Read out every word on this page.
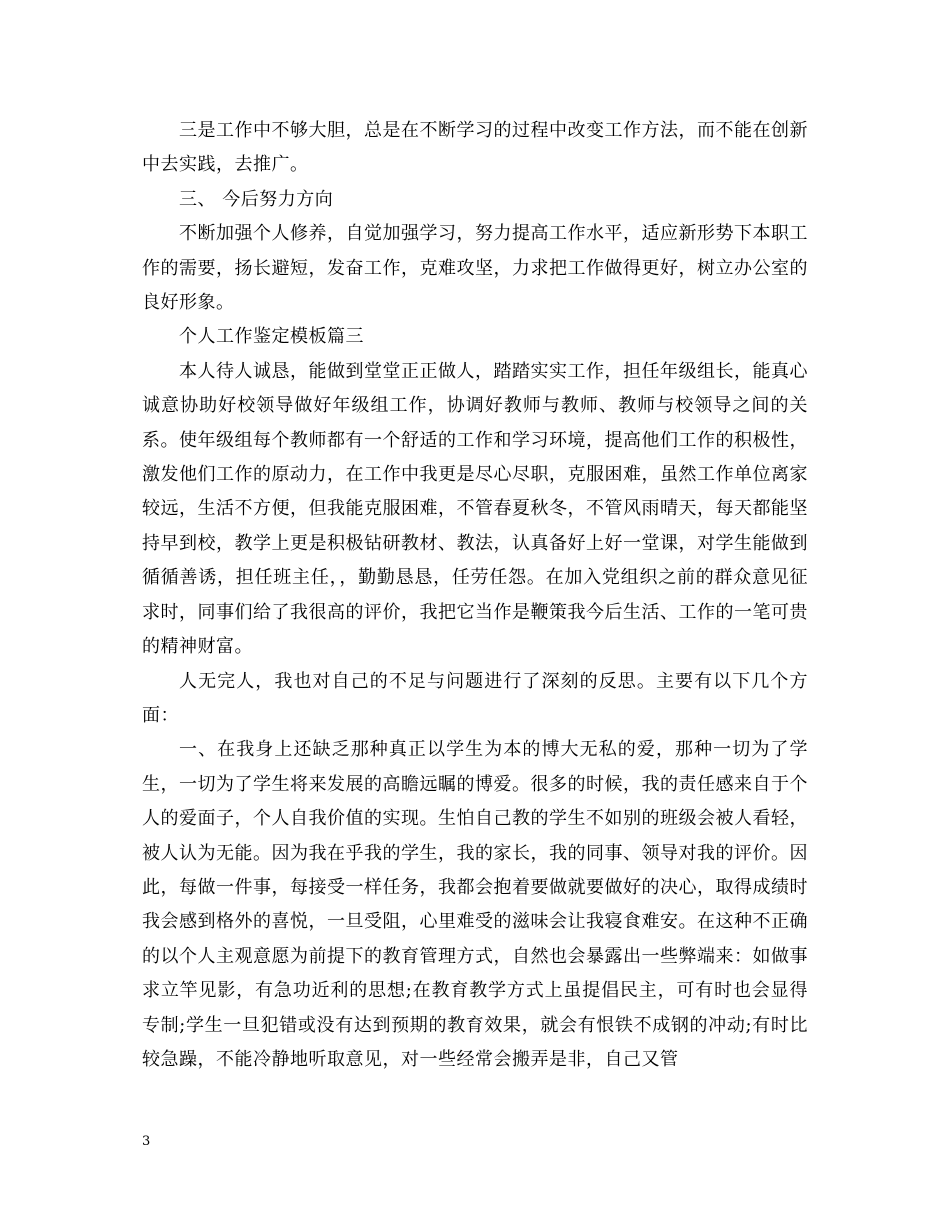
三是工作中不够大胆，总是在不断学习的过程中改变工作方法，而不能在创新中去实践，去推广。

三、 今后努力方向

不断加强个人修养，自觉加强学习，努力提高工作水平，适应新形势下本职工作的需要，扬长避短，发奋工作，克难攻坚，力求把工作做得更好，树立办公室的良好形象。

个人工作鉴定模板篇三

本人待人诚恳，能做到堂堂正正做人，踏踏实实工作，担任年级组长，能真心诚意协助好校领导做好年级组工作，协调好教师与教师、教师与校领导之间的关系。使年级组每个教师都有一个舒适的工作和学习环境，提高他们工作的积极性，激发他们工作的原动力，在工作中我更是尽心尽职，克服困难，虽然工作单位离家较远，生活不方便，但我能克服困难，不管春夏秋冬，不管风雨晴天，每天都能坚持早到校，教学上更是积极钻研教材、教法，认真备好上好一堂课，对学生能做到循循善诱，担任班主任，，勤勤恳恳，任劳任怨。在加入党组织之前的群众意见征求时，同事们给了我很高的评价，我把它当作是鞭策我今后生活、工作的一笔可贵的精神财富。

人无完人，我也对自己的不足与问题进行了深刻的反思。主要有以下几个方面：

一、在我身上还缺乏那种真正以学生为本的博大无私的爱，那种一切为了学生，一切为了学生将来发展的高瞻远瞩的博爱。很多的时候，我的责任感来自于个人的爱面子，个人自我价值的实现。生怕自己教的学生不如别的班级会被人看轻，被人认为无能。因为我在乎我的学生，我的家长，我的同事、领导对我的评价。因此，每做一件事，每接受一样任务，我都会抱着要做就要做好的决心，取得成绩时我会感到格外的喜悦，一旦受阻，心里难受的滋味会让我寝食难安。在这种不正确的以个人主观意愿为前提下的教育管理方式，自然也会暴露出一些弊端来：如做事求立竿见影，有急功近利的思想;在教育教学方式上虽提倡民主，可有时也会显得专制;学生一旦犯错或没有达到预期的教育效果，就会有恨铁不成钢的冲动;有时比较急躁，不能冷静地听取意见，对一些经常会搬弄是非，自己又管

3
